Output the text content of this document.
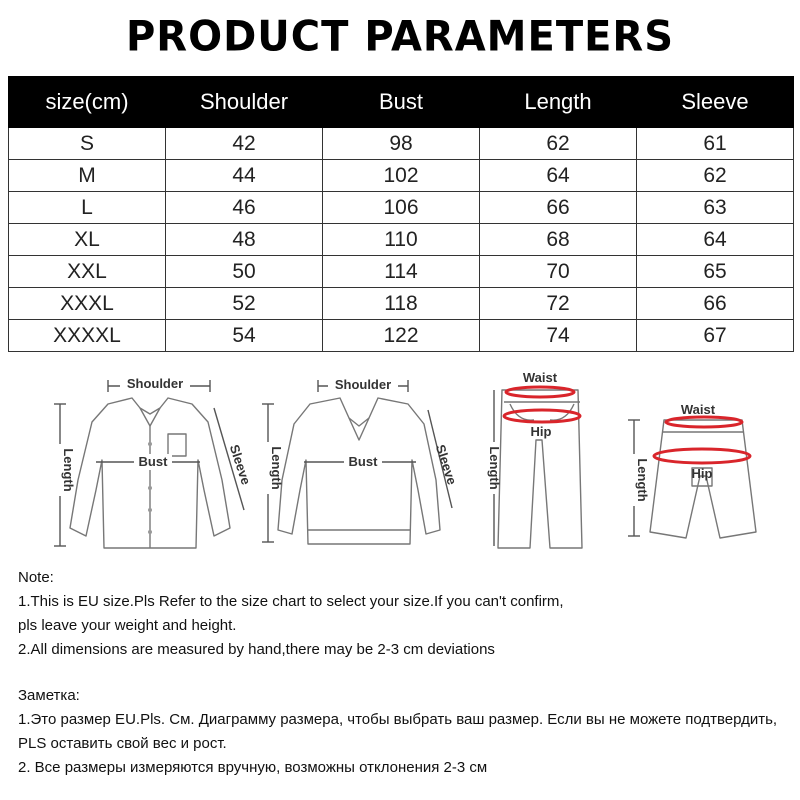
PRODUCT PARAMETERS
size(cm)	Shoulder	Bust	Length	Sleeve
S	42	98	62	61
M	44	102	64	62
L	46	106	66	63
XL	48	110	68	64
XXL	50	114	70	65
XXXL	52	118	72	66
XXXXL	54	122	74	67
Shoulder
Bust
Length	Sleeve
Shoulder
Bust
Length	Sleeve
Waist
Hip
Length
Waist
Hip
Length

Note:

1.This is EU size.Pls Refer to the size chart to select your size.If you can't confirm,

pls leave your weight and height.

2.All dimensions are measured by hand,there may be 2-3 cm deviations

Заметка:

1.Это размер EU.Pls. См. Диаграмму размера, чтобы выбрать ваш размер. Если вы не можете подтвердить,

PLS оставить свой вес и рост.

2. Все размеры измеряются вручную, возможны отклонения 2-3 см
